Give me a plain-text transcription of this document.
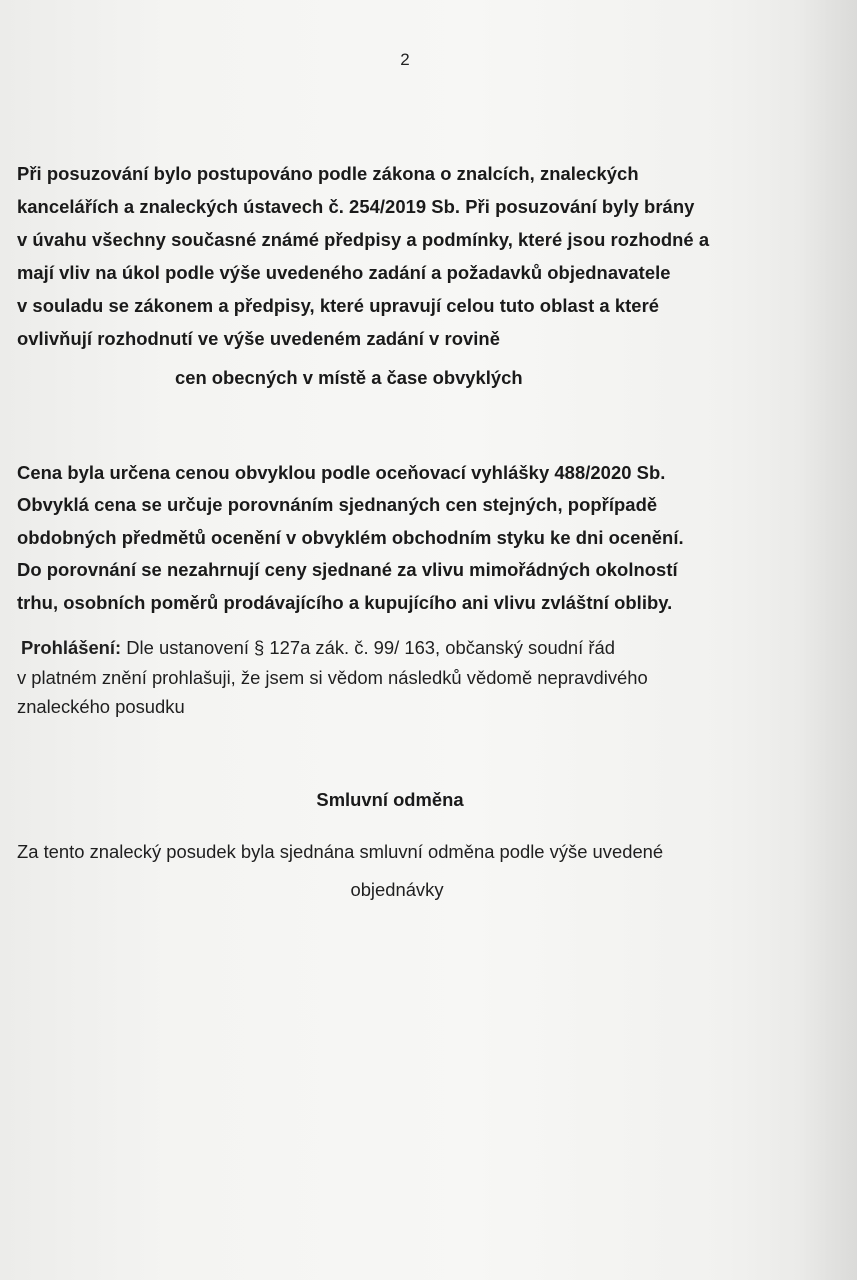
2
Při posuzování bylo postupováno podle zákona o znalcích, znaleckých
kancelářích a znaleckých ústavech č. 254/2019 Sb. Při posuzování byly brány
v úvahu všechny současné známé předpisy a podmínky, které jsou rozhodné a
mají vliv na úkol podle výše uvedeného zadání a požadavků objednavatele
v souladu se zákonem a předpisy, které upravují celou tuto oblast a které
ovlivňují rozhodnutí ve výše uvedeném zadání v rovině
cen obecných v místě a čase obvyklých
Cena byla určena cenou obvyklou podle oceňovací vyhlášky 488/2020 Sb.
Obvyklá cena se určuje porovnáním sjednaných cen stejných, popřípadě
obdobných předmětů ocenění v obvyklém obchodním styku ke dni ocenění.
Do porovnání se nezahrnují ceny sjednané za vlivu mimořádných okolností
trhu, osobních poměrů prodávajícího a kupujícího ani vlivu zvláštní obliby.
Prohlášení: Dle ustanovení § 127a zák. č. 99/ 163, občanský soudní řád
v platném znění prohlašuji, že jsem si vědom následků vědomě nepravdivého
znaleckého posudku
Smluvní odměna
Za tento znalecký posudek byla sjednána smluvní odměna podle výše uvedené
objednávky
